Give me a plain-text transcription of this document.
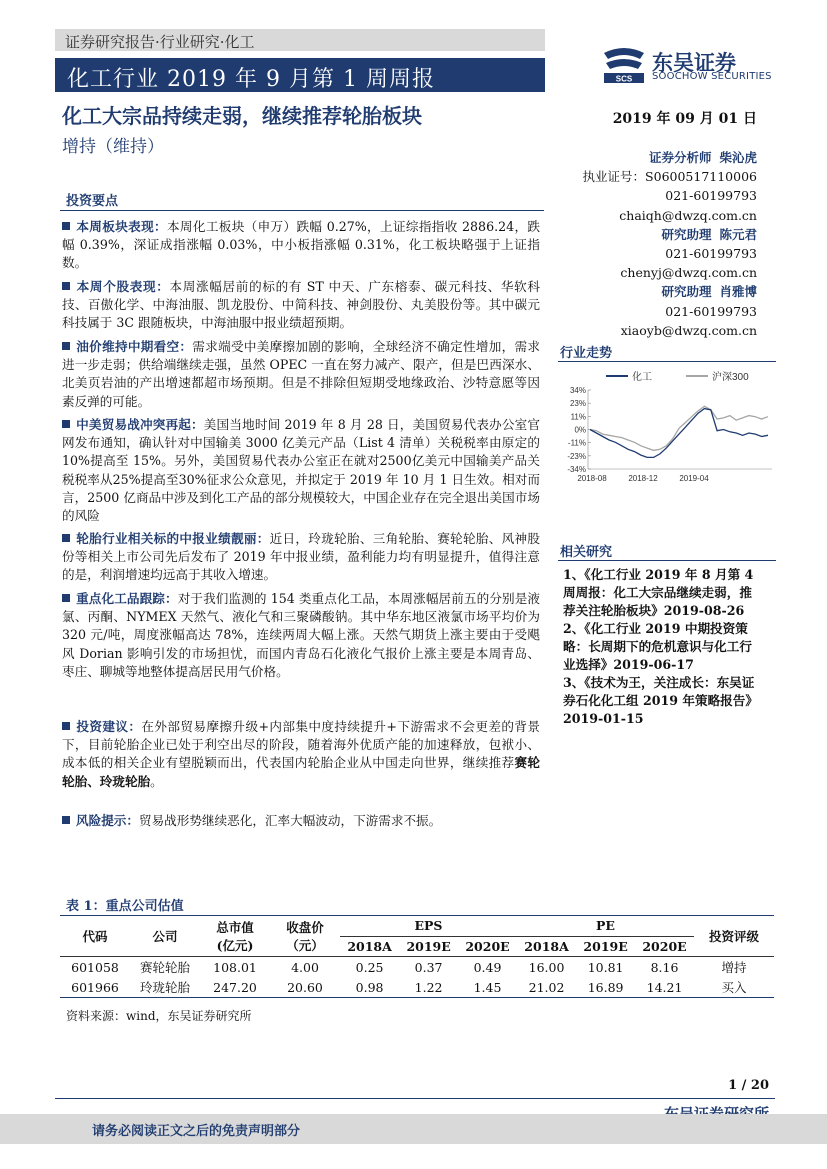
证券研究报告·行业研究·化工
化工行业 2019 年 9 月第 1 周周报	SCS
东吴证券
SOOCHOW SECURITIES
化工大宗品持续走弱，继续推荐轮胎板块
增持（维持）
2019 年 09 月 01 日
证券分析师 柴沁虎
执业证号：S0600517110006
021-60199793
chaiqh@dwzq.com.cn
研究助理 陈元君
021-60199793
chenyj@dwzq.com.cn
研究助理 肖雅博
021-60199793
xiaoyb@dwzq.com.cn
投资要点
本周板块表现：本周化工板块（申万）跌幅 0.27%，上证综指指收 2886.24，跌幅 0.39%，深证成指涨幅 0.03%，中小板指涨幅 0.31%，化工板块略强于上证指数。
本周个股表现：本周涨幅居前的标的有 ST 中天、广东榕泰、碳元科技、华软科技、百傲化学、中海油服、凯龙股份、中简科技、神剑股份、丸美股份等。其中碳元科技属于 3C 跟随板块，中海油服中报业绩超预期。
油价维持中期看空：需求端受中美摩擦加剧的影响，全球经济不确定性增加，需求进一步走弱；供给端继续走强，虽然 OPEC 一直在努力减产、限产，但是巴西深水、北美页岩油的产出增速都超市场预期。但是不排除但短期受地缘政治、沙特意愿等因素反弹的可能。
中美贸易战冲突再起：美国当地时间 2019 年 8 月 28 日，美国贸易代表办公室官网发布通知，确认针对中国输美 3000 亿美元产品（List 4 清单）关税税率由原定的 10%提高至 15%。另外，美国贸易代表办公室正在就对2500亿美元中国输美产品关税税率从25%提高至30%征求公众意见，并拟定于 2019 年 10 月 1 日生效。相对而言，2500 亿商品中涉及到化工产品的部分规模较大，中国企业存在完全退出美国市场的风险
轮胎行业相关标的中报业绩靓丽：近日，玲珑轮胎、三角轮胎、赛轮轮胎、风神股份等相关上市公司先后发布了 2019 年中报业绩，盈利能力均有明显提升，值得注意的是，利润增速均远高于其收入增速。
重点化工品跟踪：对于我们监测的 154 类重点化工品，本周涨幅居前五的分别是液氯、丙酮、NYMEX 天然气、液化气和三聚磷酸钠。其中华东地区液氯市场平均价为 320 元/吨，周度涨幅高达 78%，连续两周大幅上涨。天然气期货上涨主要由于受飓风 Dorian 影响引发的市场担忧，而国内青岛石化液化气报价上涨主要是本周青岛、枣庄、聊城等地整体提高居民用气价格。
投资建议：在外部贸易摩擦升级+内部集中度持续提升+下游需求不会更差的背景下，目前轮胎企业已处于利空出尽的阶段，随着海外优质产能的加速释放，包袱小、成本低的相关企业有望脱颖而出，代表国内轮胎企业从中国走向世界，继续推荐赛轮轮胎、玲珑轮胎。
风险提示：贸易战形势继续恶化，汇率大幅波动，下游需求不振。
行业走势
化工	沪深300
34%
23%
11%
0%
-11%
-23%
-34%
2018-08	2018-12	2019-04
相关研究

1、《化工行业 2019 年 8 月第 4 周周报：化工大宗品继续走弱，推荐关注轮胎板块》2019-08-26

2、《化工行业 2019 中期投资策略：长周期下的危机意识与化工行业选择》2019-06-17

3、《技术为王，关注成长：东吴证券石化化工组 2019 年策略报告》2019-01-15

表 1：重点公司估值
代码	公司	总市值
(亿元)	收盘价
（元）	EPS			PE			投资评级
				2018A	2019E	2020E	2018A	2019E	2020E	
601058	赛轮轮胎	108.01	4.00	0.25	0.37	0.49	16.00	10.81	8.16	增持
601966	玲珑轮胎	247.20	20.60	0.98	1.22	1.45	21.02	16.89	14.21	买入
资料来源：wind，东吴证券研究所
1 / 20
请务必阅读正文之后的免责声明部分
